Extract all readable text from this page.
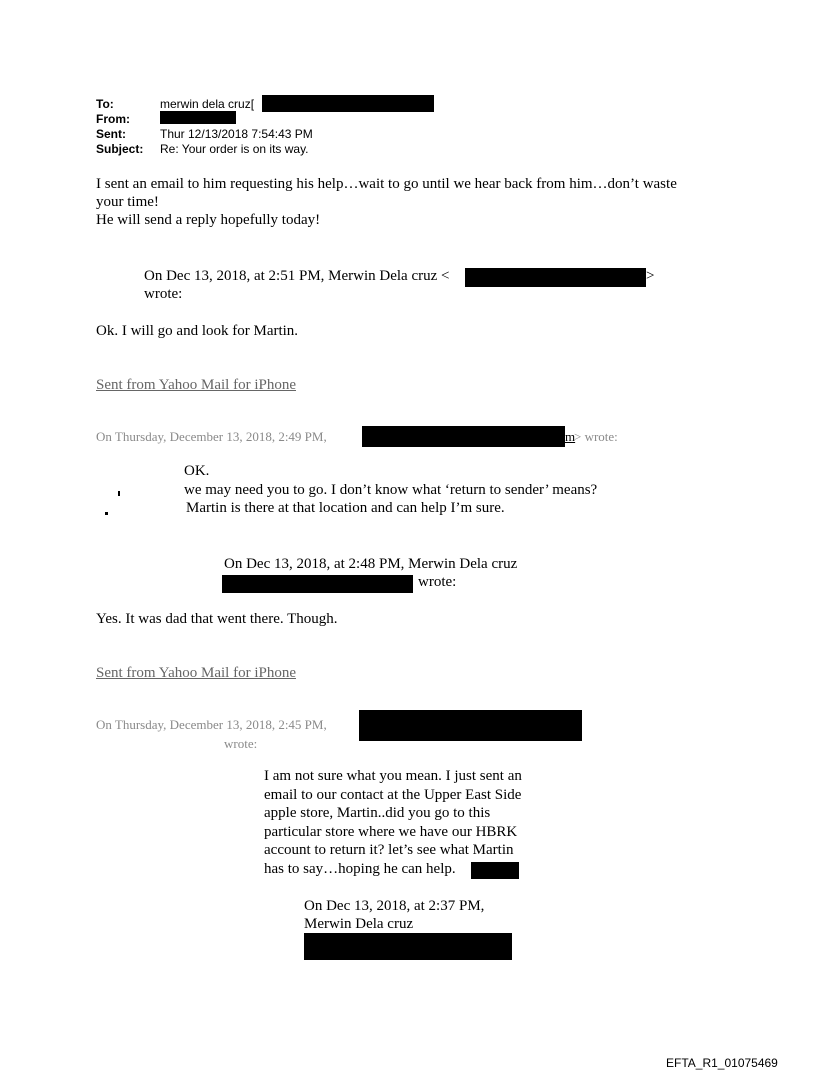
To:	merwin dela cruz[
From:
Sent:	Thur 12/13/2018 7:54:43 PM
Subject: Re: Your order is on its way.
I sent an email to him requesting his help…wait to go until we hear back from him…don’t waste
your time!
He will send a reply hopefully today!
On Dec 13, 2018, at 2:51 PM, Merwin Dela cruz <	>
wrote:
Ok. I will go and look for Martin.
Sent from Yahoo Mail for iPhone
On Thursday, December 13, 2018, 2:49 PM,	m
> wrote:
OK.
we may need you to go. I don’t know what ‘return to sender’ means?
Martin is there at that location and can help I’m sure.
On Dec 13, 2018, at 2:48 PM, Merwin Dela cruz
wrote:
Yes. It was dad that went there. Though.
Sent from Yahoo Mail for iPhone
On Thursday, December 13, 2018, 2:45 PM,
wrote:
I am not sure what you mean. I just sent an
email to our contact at the Upper East Side
apple store, Martin..did you go to this
particular store where we have our HBRK
account to return it? let’s see what Martin
has to say…hoping he can help.
On Dec 13, 2018, at 2:37 PM,
Merwin Dela cruz
EFTA_R1_01075469
